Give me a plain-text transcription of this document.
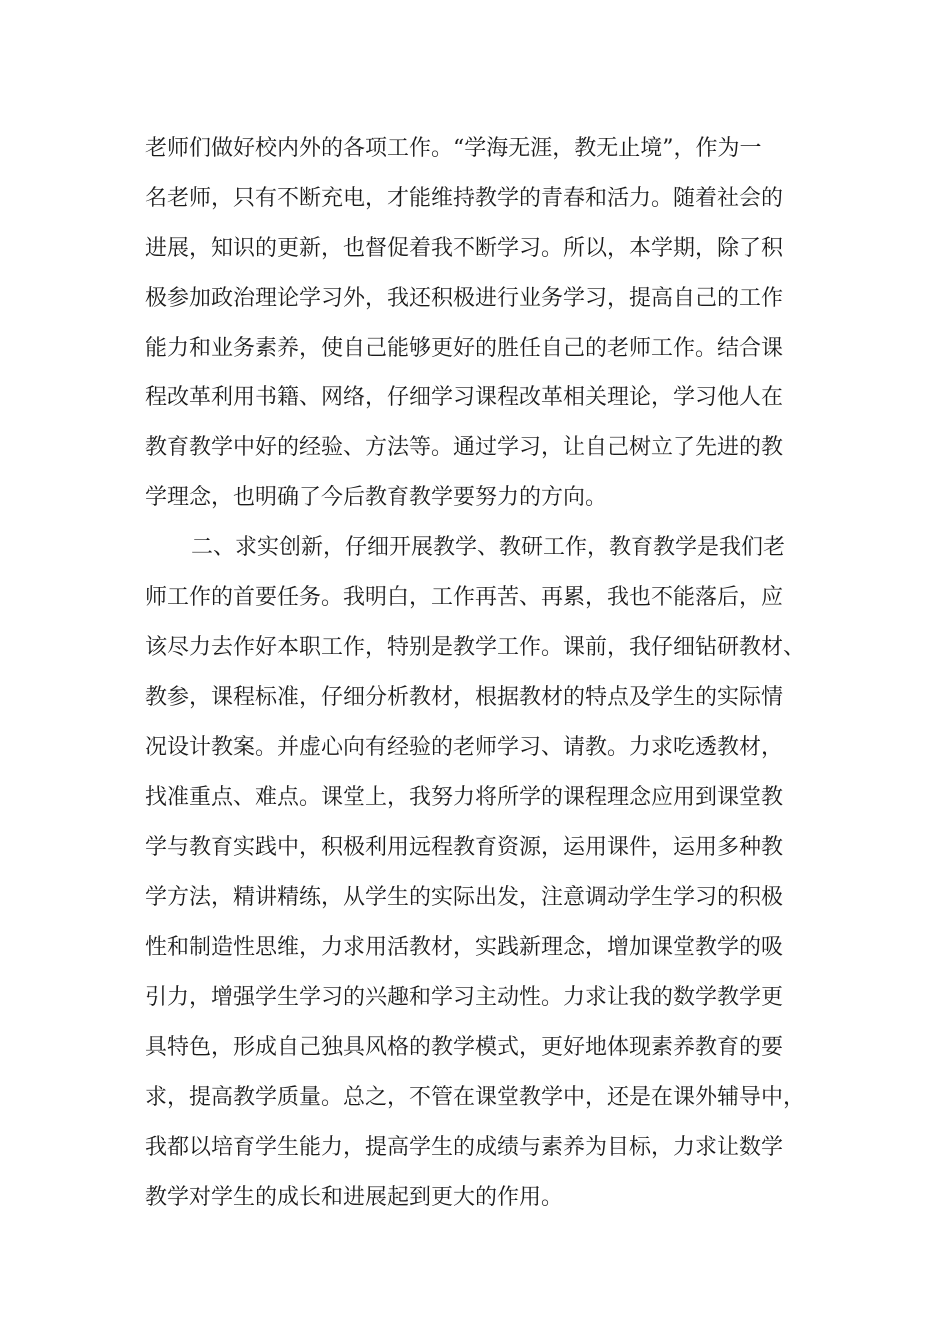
老师们做好校内外的各项工作。“学海无涯，教无止境”，作为一
名老师，只有不断充电，才能维持教学的青春和活力。随着社会的
进展，知识的更新，也督促着我不断学习。所以，本学期，除了积
极参加政治理论学习外，我还积极进行业务学习，提高自己的工作
能力和业务素养，使自己能够更好的胜任自己的老师工作。结合课
程改革利用书籍、网络，仔细学习课程改革相关理论，学习他人在
教育教学中好的经验、方法等。通过学习，让自己树立了先进的教
学理念，也明确了今后教育教学要努力的方向。
二、求实创新，仔细开展教学、教研工作，教育教学是我们老
师工作的首要任务。我明白，工作再苦、再累，我也不能落后，应
该尽力去作好本职工作，特别是教学工作。课前，我仔细钻研教材、
教参，课程标准，仔细分析教材，根据教材的特点及学生的实际情
况设计教案。并虚心向有经验的老师学习、请教。力求吃透教材，
找准重点、难点。课堂上，我努力将所学的课程理念应用到课堂教
学与教育实践中，积极利用远程教育资源，运用课件，运用多种教
学方法，精讲精练，从学生的实际出发，注意调动学生学习的积极
性和制造性思维，力求用活教材，实践新理念，增加课堂教学的吸
引力，增强学生学习的兴趣和学习主动性。力求让我的数学教学更
具特色，形成自己独具风格的教学模式，更好地体现素养教育的要
求，提高教学质量。总之，不管在课堂教学中，还是在课外辅导中，
我都以培育学生能力，提高学生的成绩与素养为目标，力求让数学
教学对学生的成长和进展起到更大的作用。
